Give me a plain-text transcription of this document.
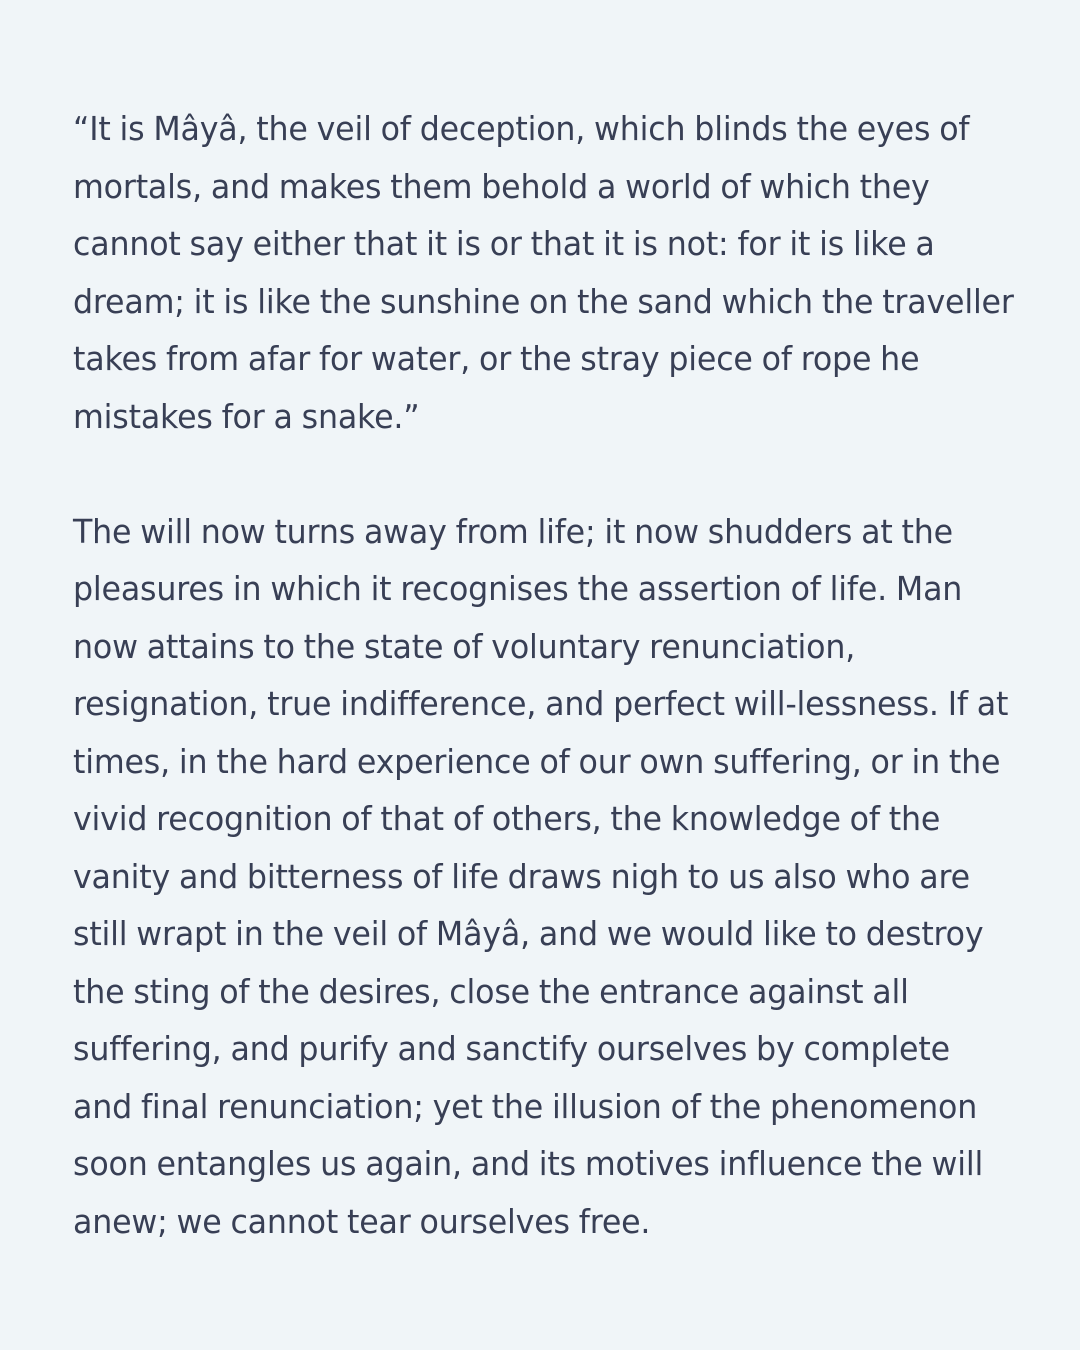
“It is Mâyâ, the veil of deception, which blinds the eyes of
mortals, and makes them behold a world of which they
cannot say either that it is or that it is not: for it is like a
dream; it is like the sunshine on the sand which the traveller
takes from afar for water, or the stray piece of rope he
mistakes for a snake.”
The will now turns away from life; it now shudders at the
pleasures in which it recognises the assertion of life. Man
now attains to the state of voluntary renunciation,
resignation, true indifference, and perfect will-lessness. If at
times, in the hard experience of our own suffering, or in the
vivid recognition of that of others, the knowledge of the
vanity and bitterness of life draws nigh to us also who are
still wrapt in the veil of Mâyâ, and we would like to destroy
the sting of the desires, close the entrance against all
suffering, and purify and sanctify ourselves by complete
and final renunciation; yet the illusion of the phenomenon
soon entangles us again, and its motives influence the will
anew; we cannot tear ourselves free.
